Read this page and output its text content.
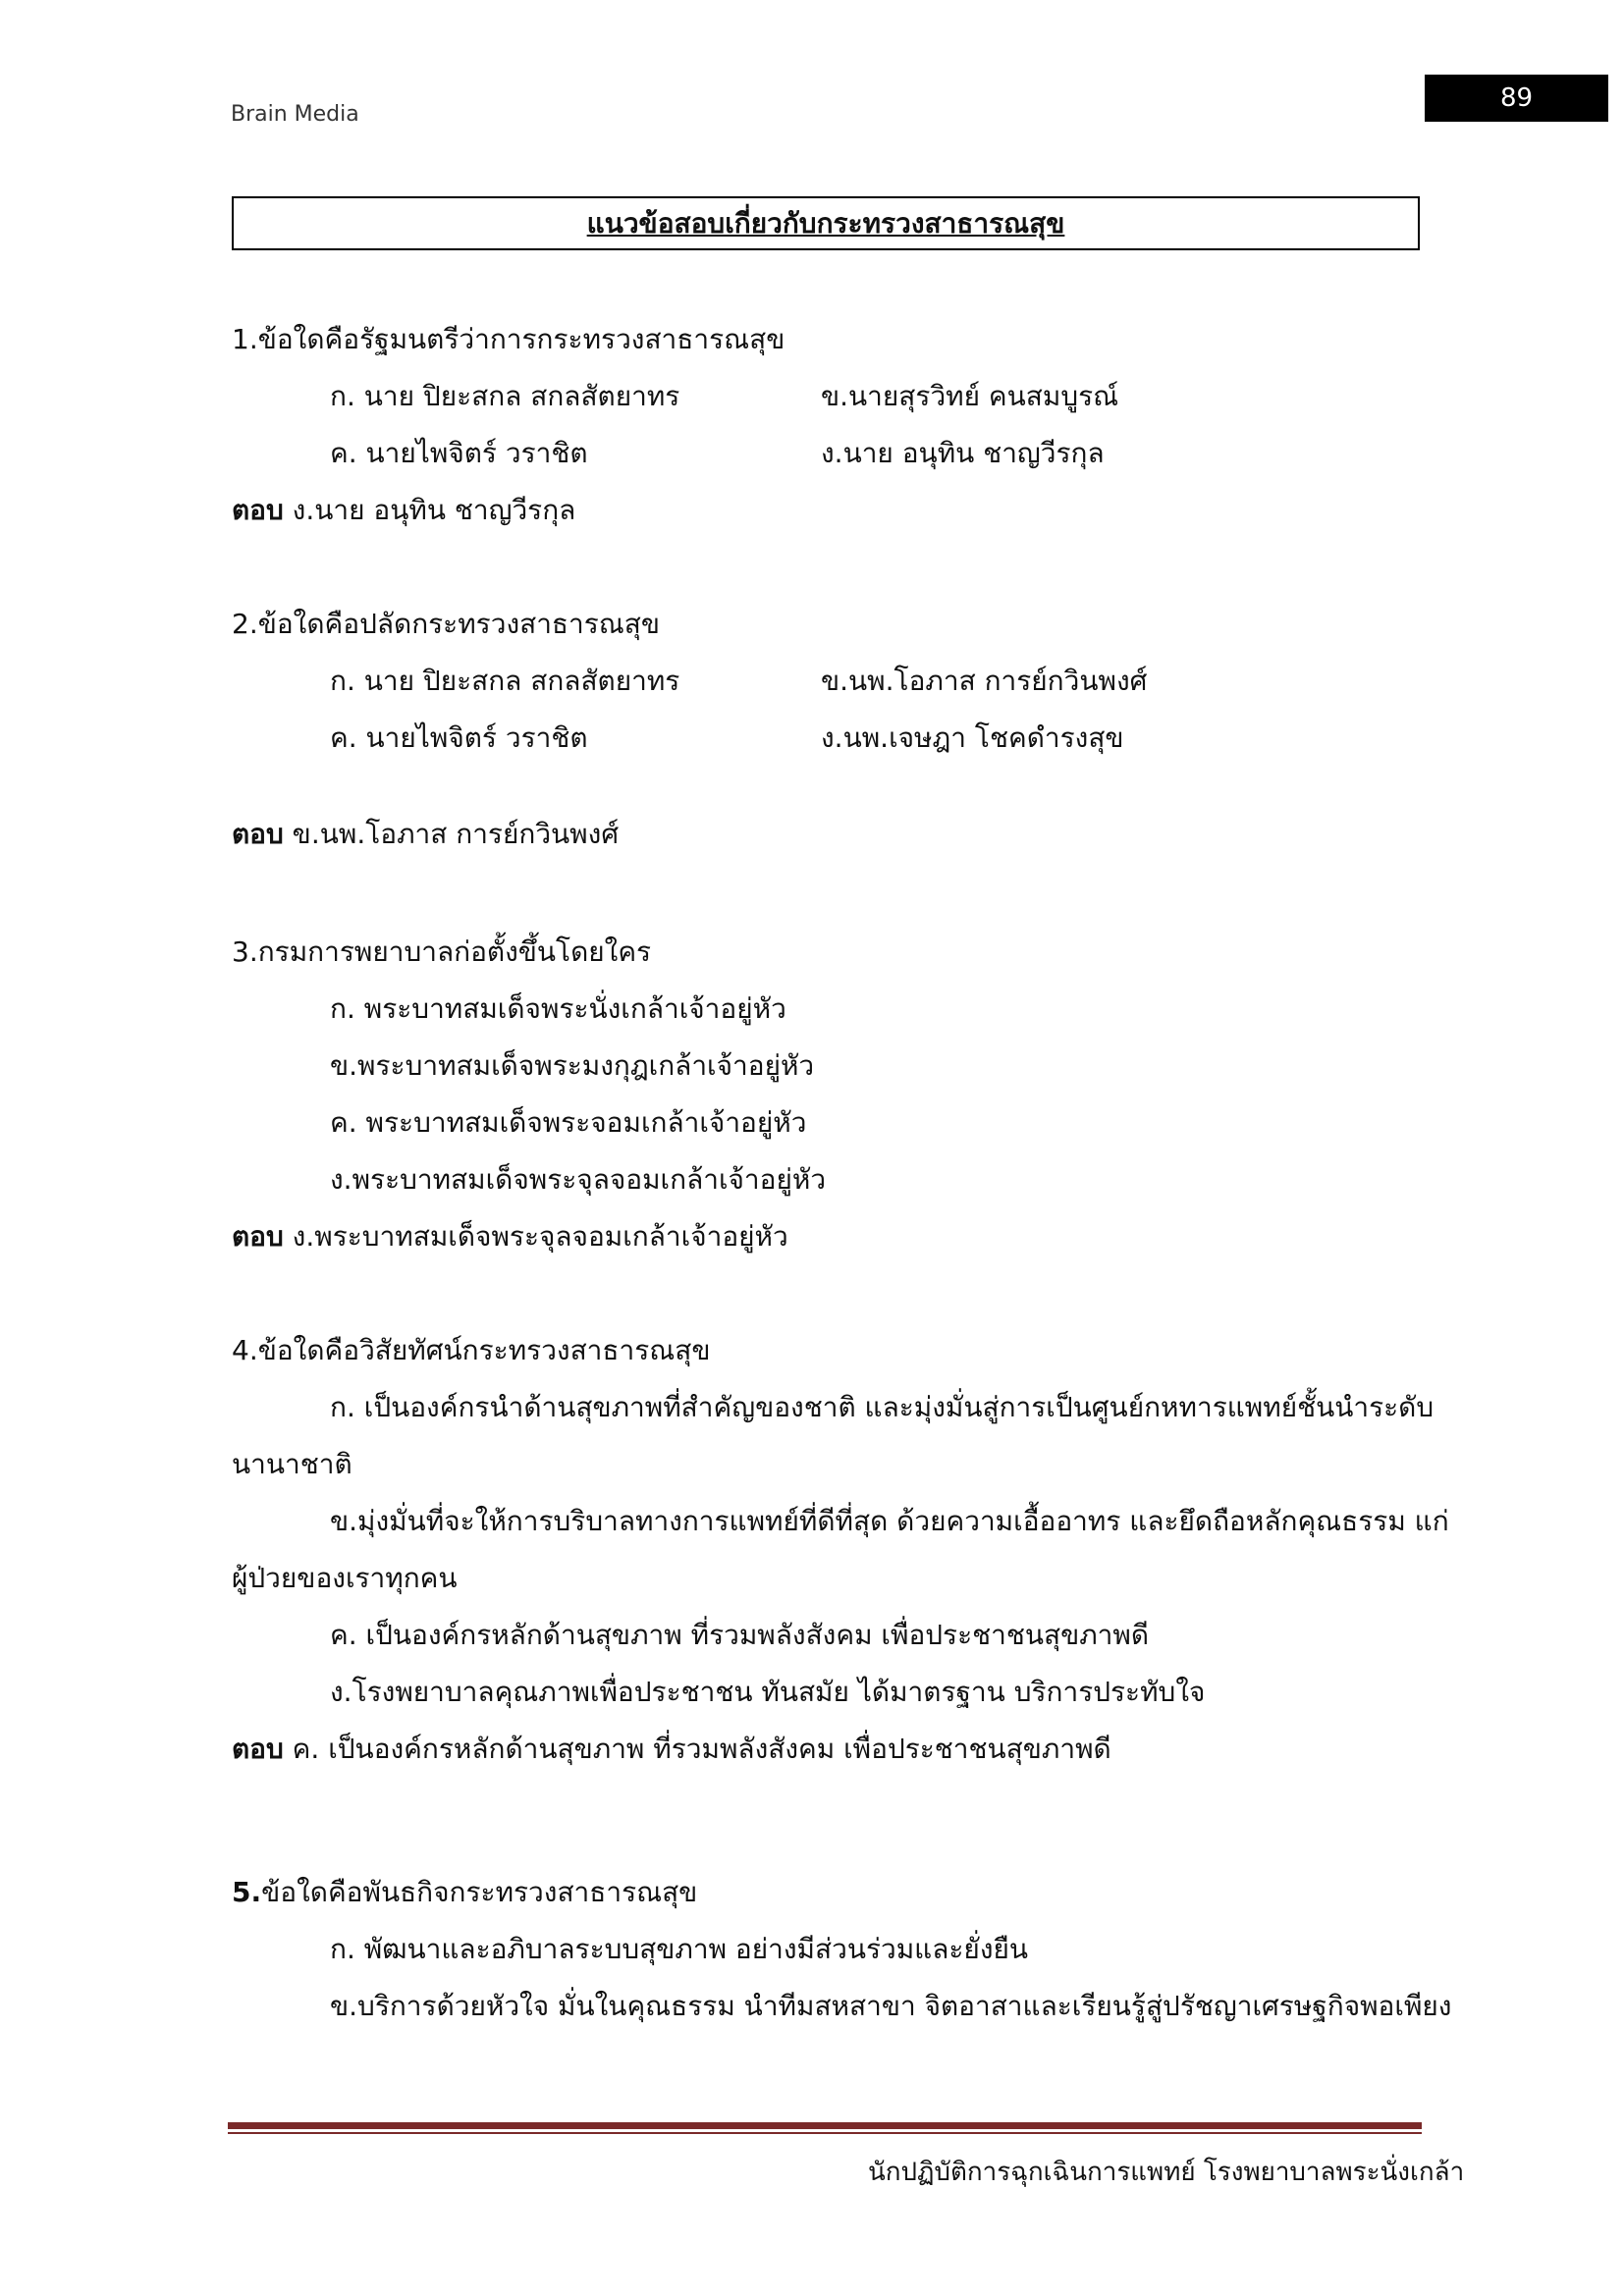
Brain Media
89
แนวข้อสอบเกี่ยวกับกระทรวงสาธารณสุข
1.ข้อใดคือรัฐมนตรีว่าการกระทรวงสาธารณสุข
ก. นาย ปิยะสกล สกลสัตยาทร	ข.นายสุรวิทย์ คนสมบูรณ์
ค. นายไพจิตร์ วราชิต	ง.นาย อนุทิน ชาญวีรกุล
ตอบ ง.นาย อนุทิน ชาญวีรกุล
2.ข้อใดคือปลัดกระทรวงสาธารณสุข
ก. นาย ปิยะสกล สกลสัตยาทร	ข.นพ.โอภาส การย์กวินพงศ์
ค. นายไพจิตร์ วราชิต	ง.นพ.เจษฎา โชคดำรงสุข
ตอบ ข.นพ.โอภาส การย์กวินพงศ์
3.กรมการพยาบาลก่อตั้งขึ้นโดยใคร
ก. พระบาทสมเด็จพระนั่งเกล้าเจ้าอยู่หัว
ข.พระบาทสมเด็จพระมงกุฎเกล้าเจ้าอยู่หัว
ค. พระบาทสมเด็จพระจอมเกล้าเจ้าอยู่หัว
ง.พระบาทสมเด็จพระจุลจอมเกล้าเจ้าอยู่หัว
ตอบ ง.พระบาทสมเด็จพระจุลจอมเกล้าเจ้าอยู่หัว
4.ข้อใดคือวิสัยทัศน์กระทรวงสาธารณสุข
ก. เป็นองค์กรนำด้านสุขภาพที่สำคัญของชาติ และมุ่งมั่นสู่การเป็นศูนย์กหทารแพทย์ชั้นนำระดับ
นานาชาติ
ข.มุ่งมั่นที่จะให้การบริบาลทางการแพทย์ที่ดีที่สุด ด้วยความเอื้ออาทร และยึดถือหลักคุณธรรม แก่
ผู้ป่วยของเราทุกคน
ค. เป็นองค์กรหลักด้านสุขภาพ ที่รวมพลังสังคม เพื่อประชาชนสุขภาพดี
ง.โรงพยาบาลคุณภาพเพื่อประชาชน ทันสมัย ได้มาตรฐาน บริการประทับใจ
ตอบ ค. เป็นองค์กรหลักด้านสุขภาพ ที่รวมพลังสังคม เพื่อประชาชนสุขภาพดี
5.ข้อใดคือพันธกิจกระทรวงสาธารณสุข
ก. พัฒนาและอภิบาลระบบสุขภาพ อย่างมีส่วนร่วมและยั่งยืน
ข.บริการด้วยหัวใจ มั่นในคุณธรรม นำทีมสหสาขา จิตอาสาและเรียนรู้สู่ปรัชญาเศรษฐกิจพอเพียง
นักปฏิบัติการฉุกเฉินการแพทย์ โรงพยาบาลพระนั่งเกล้า
